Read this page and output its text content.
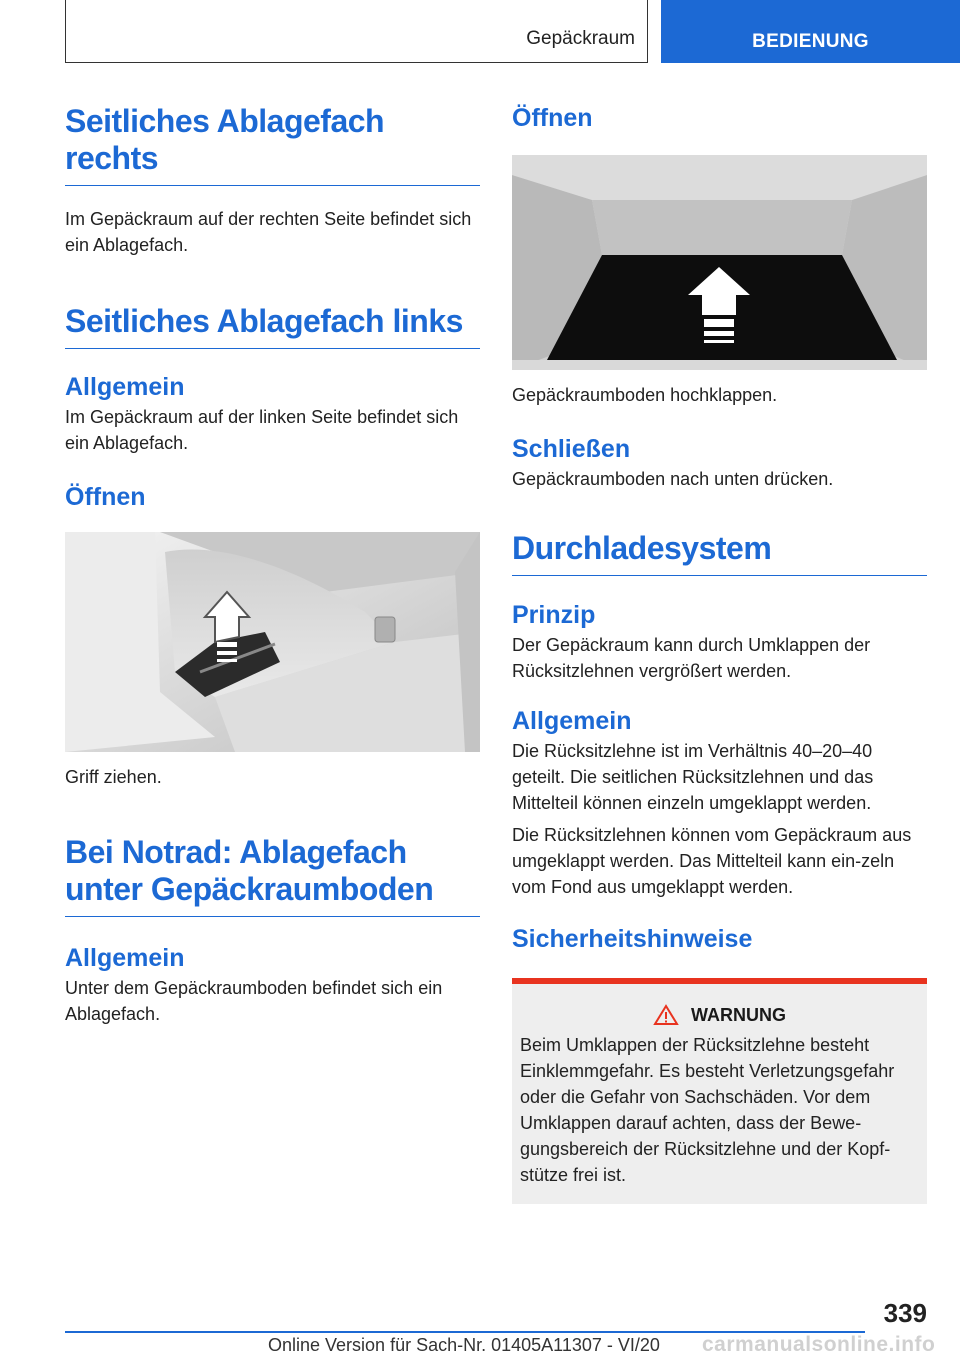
Gepäckraum	BEDIENUNG
Seitliches Ablagefach rechts

Im Gepäckraum auf der rechten Seite befindet sich ein Ablagefach.

Seitliches Ablagefach links
Allgemein

Im Gepäckraum auf der linken Seite befindet sich ein Ablagefach.

Öffnen

Griff ziehen.

Bei Notrad: Ablagefach unter Gepäckraumboden
Allgemein

Unter dem Gepäckraumboden befindet sich ein Ablagefach.

Öffnen

Gepäckraumboden hochklappen.

Schließen

Gepäckraumboden nach unten drücken.

Durchladesystem
Prinzip

Der Gepäckraum kann durch Umklappen der Rücksitzlehnen vergrößert werden.

Allgemein

Die Rücksitzlehne ist im Verhältnis 40–20–40 geteilt. Die seitlichen Rücksitzlehnen und das Mittelteil können einzeln umgeklappt werden.

Die Rücksitzlehnen können vom Gepäckraum aus umgeklappt werden. Das Mittelteil kann ein-zeln vom Fond aus umgeklappt werden.

Sicherheitshinweise
WARNUNG

Beim Umklappen der Rücksitzlehne besteht Einklemmgefahr. Es besteht Verletzungsgefahr oder die Gefahr von Sachschäden. Vor dem Umklappen darauf achten, dass der Bewe-gungsbereich der Rücksitzlehne und der Kopf-stütze frei ist.

339
Online Version für Sach-Nr. 01405A11307 - VI/20 carmanualsonline.info
